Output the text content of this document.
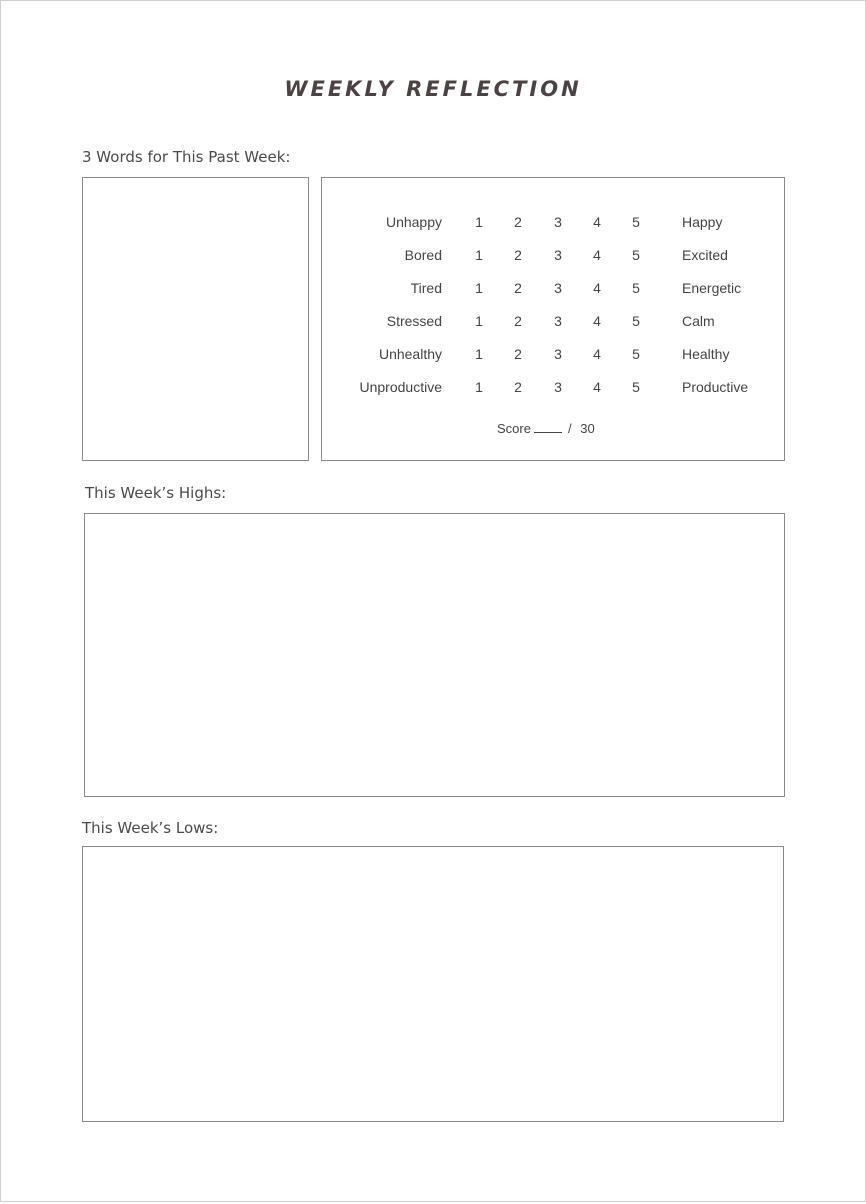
WEEKLY REFLECTION
3 Words for This Past Week:
Unhappy	1	2	3	4	5	Happy
Bored	1	2	3	4	5	Excited
Tired	1	2	3	4	5	Energetic
Stressed	1	2	3	4	5	Calm
Unhealthy	1	2	3	4	5	Healthy
Unproductive	1	2	3	4	5	Productive
Score	/ 30
This Week’s Highs:
This Week’s Lows:
